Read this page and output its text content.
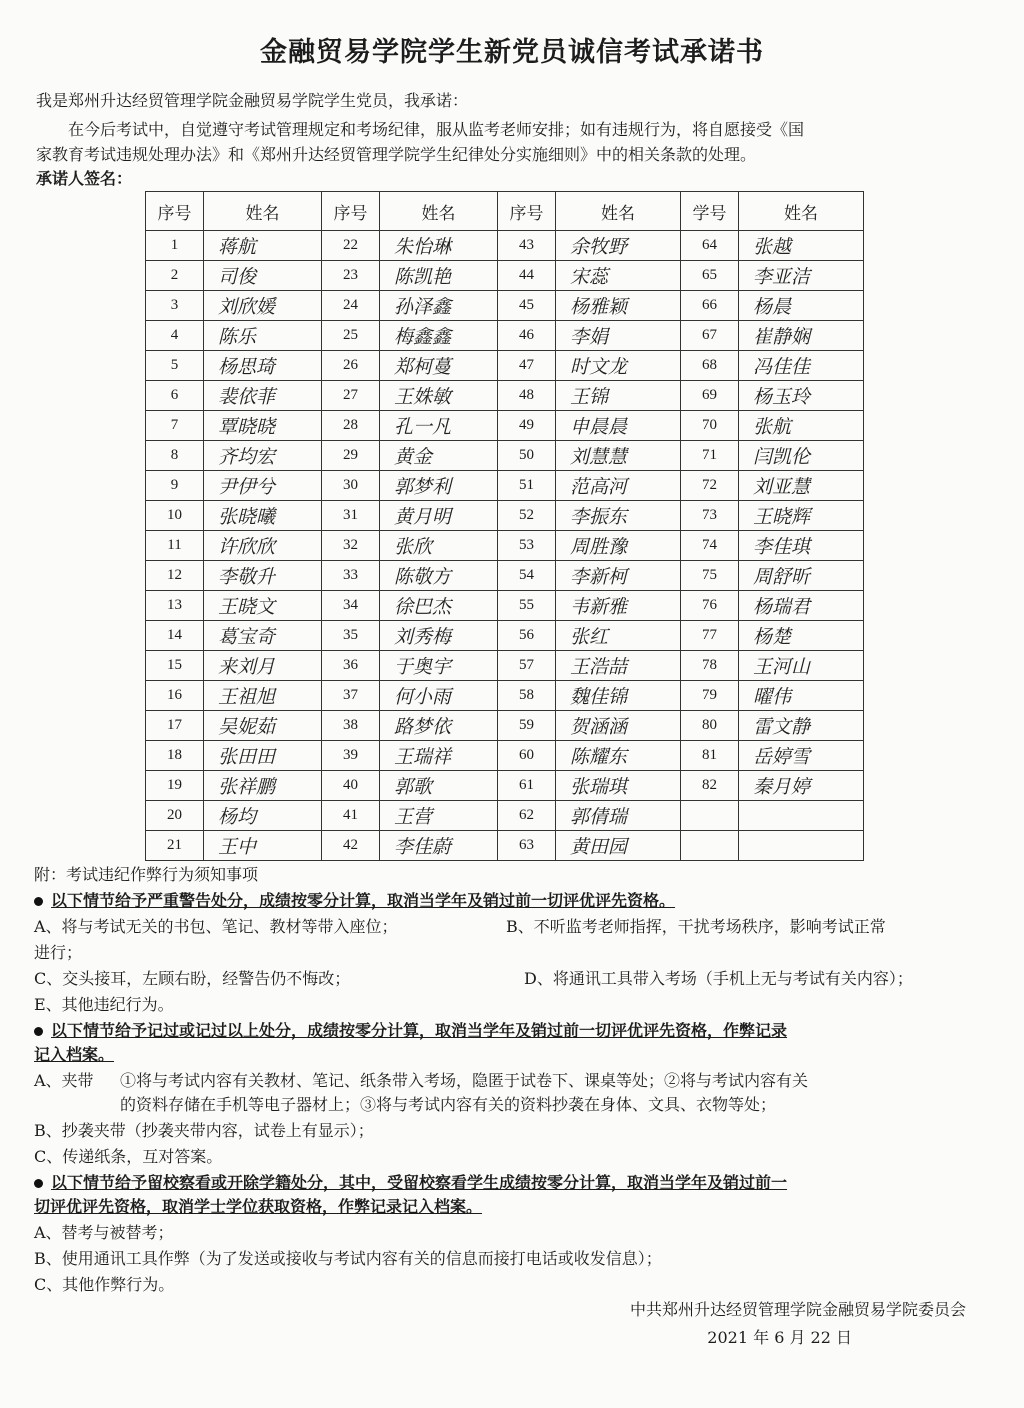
金融贸易学院学生新党员诚信考试承诺书
我是郑州升达经贸管理学院金融贸易学院学生党员，我承诺：
在今后考试中，自觉遵守考试管理规定和考场纪律，服从监考老师安排；如有违规行为，将自愿接受《国
家教育考试违规处理办法》和《郑州升达经贸管理学院学生纪律处分实施细则》中的相关条款的处理。
承诺人签名：
序号	姓名	序号	姓名	序号	姓名	学号	姓名
1	蒋航	22	朱怡琳	43	余牧野	64	张越
2	司俊	23	陈凯艳	44	宋蕊	65	李亚洁
3	刘欣媛	24	孙泽鑫	45	杨雅颖	66	杨晨
4	陈乐	25	梅鑫鑫	46	李娟	67	崔静娴
5	杨思琦	26	郑柯蔓	47	时文龙	68	冯佳佳
6	裴依菲	27	王姝敏	48	王锦	69	杨玉玲
7	覃晓晓	28	孔一凡	49	申晨晨	70	张航
8	齐均宏	29	黄金	50	刘慧慧	71	闫凯伦
9	尹伊兮	30	郭梦利	51	范高河	72	刘亚慧
10	张晓曦	31	黄月明	52	李振东	73	王晓辉
11	许欣欣	32	张欣	53	周胜豫	74	李佳琪
12	李敬升	33	陈敬方	54	李新柯	75	周舒昕
13	王晓文	34	徐巴杰	55	韦新雅	76	杨瑞君
14	葛宝奇	35	刘秀梅	56	张红	77	杨楚
15	来刘月	36	于奥宇	57	王浩喆	78	王河山
16	王祖旭	37	何小雨	58	魏佳锦	79	曜伟
17	吴妮茹	38	路梦依	59	贺涵涵	80	雷文静
18	张田田	39	王瑞祥	60	陈耀东	81	岳婷雪
19	张祥鹏	40	郭歌	61	张瑞琪	82	秦月婷
20	杨均	41	王营	62	郭倩瑞		
21	王中	42	李佳蔚	63	黄田园		
附：考试违纪作弊行为须知事项
以下情节给予严重警告处分，成绩按零分计算，取消当学年及销过前一切评优评先资格。
A、将与考试无关的书包、笔记、教材等带入座位；	B、不听监考老师指挥，干扰考场秩序，影响考试正常
进行；
C、交头接耳，左顾右盼，经警告仍不悔改；	D、将通讯工具带入考场（手机上无与考试有关内容）；
E、其他违纪行为。
以下情节给予记过或记过以上处分，成绩按零分计算，取消当学年及销过前一切评优评先资格，作弊记录
记入档案。
A、夹带 ①将与考试内容有关教材、笔记、纸条带入考场，隐匿于试卷下、课桌等处；②将与考试内容有关
的资料存储在手机等电子器材上；③将与考试内容有关的资料抄袭在身体、文具、衣物等处；
B、抄袭夹带（抄袭夹带内容，试卷上有显示）；
C、传递纸条，互对答案。
以下情节给予留校察看或开除学籍处分，其中，受留校察看学生成绩按零分计算，取消当学年及销过前一
切评优评先资格，取消学士学位获取资格，作弊记录记入档案。
A、替考与被替考；
B、使用通讯工具作弊（为了发送或接收与考试内容有关的信息而接打电话或收发信息）；
C、其他作弊行为。
中共郑州升达经贸管理学院金融贸易学院委员会
2021 年 6 月 22 日
